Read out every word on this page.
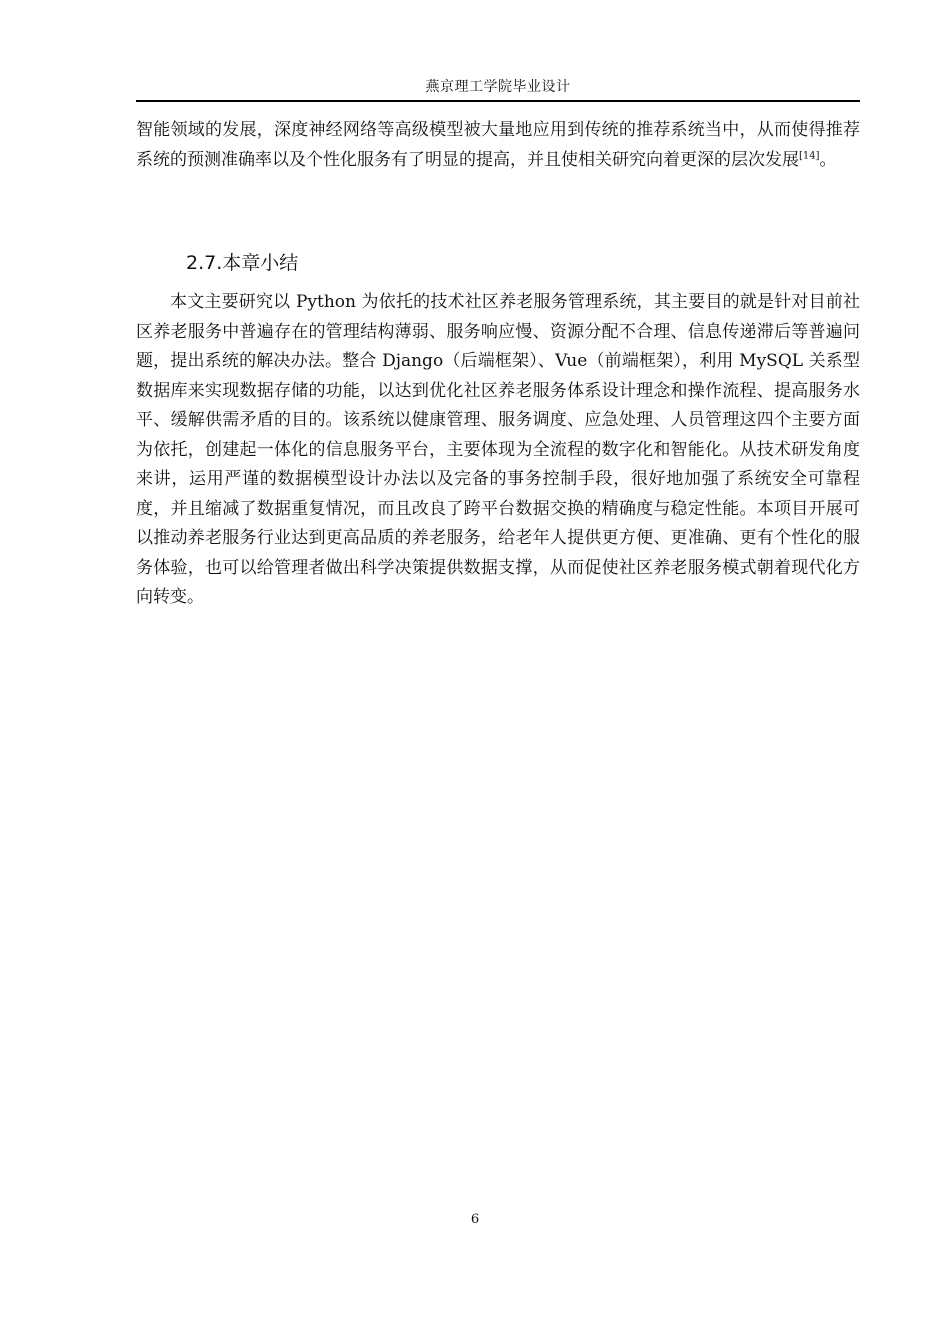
燕京理工学院毕业设计

智能领域的发展，深度神经网络等高级模型被大量地应用到传统的推荐系统当中，从而使得推荐系统的预测准确率以及个性化服务有了明显的提高，并且使相关研究向着更深的层次发展[14]。

2.7.本章小结

本文主要研究以 Python 为依托的技术社区养老服务管理系统，其主要目的就是针对目前社区养老服务中普遍存在的管理结构薄弱、服务响应慢、资源分配不合理、信息传递滞后等普遍问题，提出系统的解决办法。整合 Django（后端框架）、Vue（前端框架），利用 MySQL 关系型数据库来实现数据存储的功能，以达到优化社区养老服务体系设计理念和操作流程、提高服务水平、缓解供需矛盾的目的。该系统以健康管理、服务调度、应急处理、人员管理这四个主要方面为依托，创建起一体化的信息服务平台，主要体现为全流程的数字化和智能化。从技术研发角度来讲，运用严谨的数据模型设计办法以及完备的事务控制手段，很好地加强了系统安全可靠程度，并且缩减了数据重复情况，而且改良了跨平台数据交换的精确度与稳定性能。本项目开展可以推动养老服务行业达到更高品质的养老服务，给老年人提供更方便、更准确、更有个性化的服务体验，也可以给管理者做出科学决策提供数据支撑，从而促使社区养老服务模式朝着现代化方向转变。

6
